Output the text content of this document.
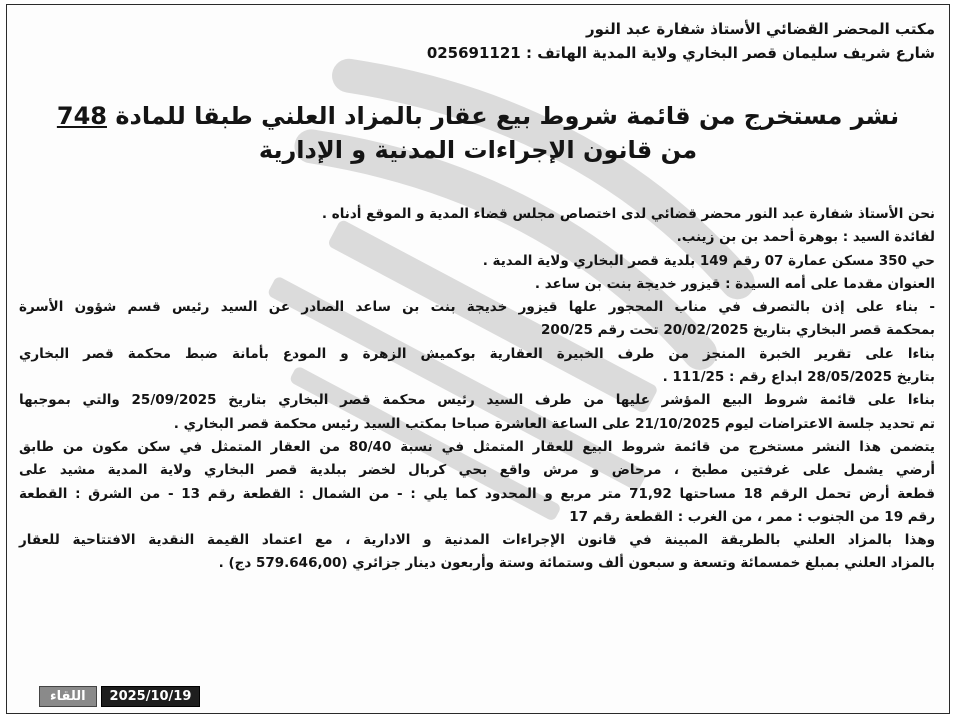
مكتب المحضر القضائي الأستاذ شفارة عبد النور
شارع شريف سليمان قصر البخاري ولاية المدية الهاتف : 025691121
نشر مستخرج من قائمة شروط بيع عقار بالمزاد العلني طبقا للمادة 748
من قانون الإجراءات المدنية و الإدارية
نحن الأستاذ شفارة عبد النور محضر قضائي لدى اختصاص مجلس قضاء المدية و الموقع أدناه .
لفائدة السيد : بوهرة أحمد بن بن زينب.
حي 350 مسكن عمارة 07 رقم 149 بلدية قصر البخاري ولاية المدية .
العنوان مقدما على أمه السيدة : قيزور خديجة بنت بن ساعد .
- بناء على إذن بالتصرف في مناب المحجور علها قيزور خديجة بنت بن ساعد الصادر عن السيد رئيس قسم شؤون الأسرة
بمحكمة قصر البخاري بتاريخ 20/02/2025 تحت رقم 200/25
بناءا على تقرير الخبرة المنجز من طرف الخبيرة العقارية بوكميش الزهرة و المودع بأمانة ضبط محكمة قصر البخاري
بتاريخ 28/05/2025 ابداع رقم : 111/25 .
بناءا على قائمة شروط البيع المؤشر عليها من طرف السيد رئيس محكمة قصر البخاري بتاريخ 25/09/2025 والتي بموجبها
تم تحديد جلسة الاعتراضات ليوم 21/10/2025 على الساعة العاشرة صباحا بمكتب السيد رئيس محكمة قصر البخاري .
يتضمن هذا النشر مستخرج من قائمة شروط البيع للعقار المتمثل في نسبة 80/40 من العقار المتمثل في سكن مكون من طابق
أرضي يشمل على غرفتين مطبخ ، مرحاض و مرش واقع بحي كربال لخضر ببلدية قصر البخاري ولاية المدية مشيد على
قطعة أرض تحمل الرقم 18 مساحتها 71,92 متر مربع و المحدود كما يلي : - من الشمال : القطعة رقم 13 - من الشرق : القطعة
رقم 19 من الجنوب : ممر ، من الغرب : القطعة رقم 17
وهذا بالمزاد العلني بالطريقة المبينة في قانون الإجراءات المدنية و الادارية ، مع اعتماد القيمة النقدية الافتتاحية للعقار
بالمزاد العلني بمبلغ خمسمائة وتسعة و سبعون ألف وستمائة وستة وأربعون دينار جزائري (579.646,00 دج) .
اللقاء	2025/10/19
